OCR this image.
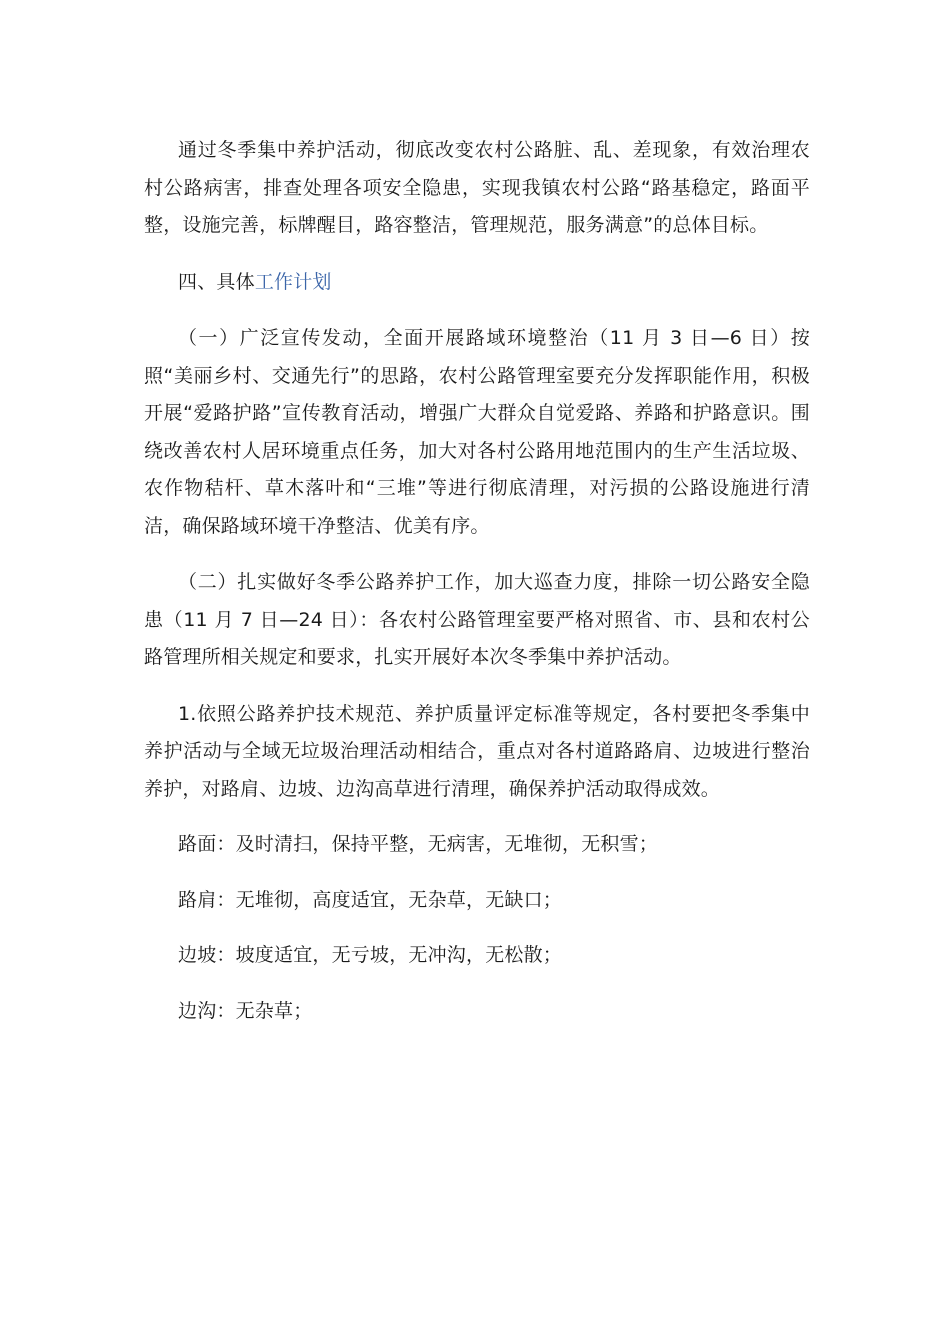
通过冬季集中养护活动，彻底改变农村公路脏、乱、差现象，有效治理农村公路病害，排查处理各项安全隐患，实现我镇农村公路“路基稳定，路面平整，设施完善，标牌醒目，路容整洁，管理规范，服务满意”的总体目标。

四、具体工作计划

（一）广泛宣传发动，全面开展路域环境整治（11 月 3 日—6 日）按照“美丽乡村、交通先行”的思路，农村公路管理室要充分发挥职能作用，积极开展“爱路护路”宣传教育活动，增强广大群众自觉爱路、养路和护路意识。围绕改善农村人居环境重点任务，加大对各村公路用地范围内的生产生活垃圾、农作物秸杆、草木落叶和“三堆”等进行彻底清理，对污损的公路设施进行清洁，确保路域环境干净整洁、优美有序。

（二）扎实做好冬季公路养护工作，加大巡查力度，排除一切公路安全隐患（11 月 7 日—24 日）：各农村公路管理室要严格对照省、市、县和农村公路管理所相关规定和要求，扎实开展好本次冬季集中养护活动。

1.依照公路养护技术规范、养护质量评定标准等规定，各村要把冬季集中养护活动与全域无垃圾治理活动相结合，重点对各村道路路肩、边坡进行整治养护，对路肩、边坡、边沟高草进行清理，确保养护活动取得成效。

路面：及时清扫，保持平整，无病害，无堆彻，无积雪；

路肩：无堆彻，高度适宜，无杂草，无缺口；

边坡：坡度适宜，无亏坡，无冲沟，无松散；

边沟：无杂草；
